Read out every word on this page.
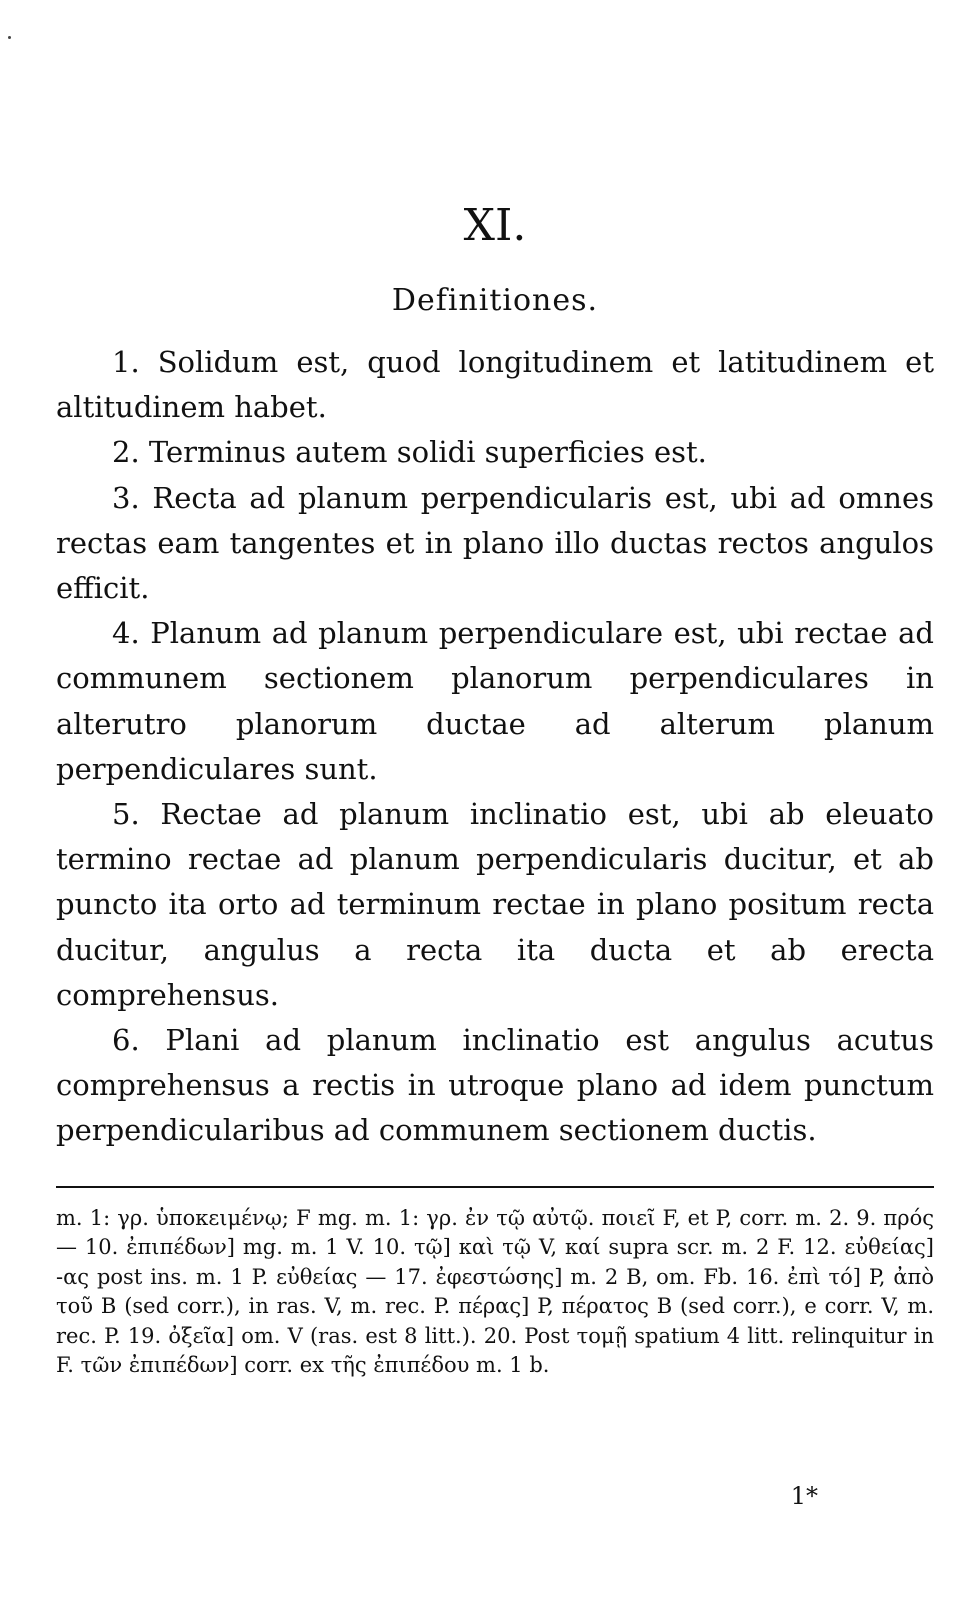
XI.
Definitiones.

1. Solidum est, quod longitudinem et latitudinem et altitudinem habet.

2. Terminus autem solidi superficies est.

3. Recta ad planum perpendicularis est, ubi ad omnes rectas eam tangentes et in plano illo ductas rectos angulos efficit.

4. Planum ad planum perpendiculare est, ubi rectae ad communem sectionem planorum perpendiculares in alterutro planorum ductae ad alterum planum perpendiculares sunt.

5. Rectae ad planum inclinatio est, ubi ab eleuato termino rectae ad planum perpendicularis ducitur, et ab puncto ita orto ad terminum rectae in plano positum recta ducitur, angulus a recta ita ducta et ab erecta comprehensus.

6. Plani ad planum inclinatio est angulus acutus comprehensus a rectis in utroque plano ad idem punctum perpendicularibus ad communem sectionem ductis.

m. 1: γρ. ὑποκειμένῳ; F mg. m. 1: γρ. ἐν τῷ αὐτῷ. ποιεῖ F, et P, corr. m. 2. 9. πρός — 10. ἐπιπέδων] mg. m. 1 V. 10. τῷ] καὶ τῷ V, καί supra scr. m. 2 F. 12. εὐθείας] -ας post ins. m. 1 P. εὐθείας — 17. ἐφεστώσης] m. 2 B, om. Fb. 16. ἐπὶ τό] P, ἀπὸ τοῦ B (sed corr.), in ras. V, m. rec. P. πέρας] P, πέρατος B (sed corr.), e corr. V, m. rec. P. 19. ὀξεῖα] om. V (ras. est 8 litt.). 20. Post τομῇ spatium 4 litt. relinquitur in F. τῶν ἐπιπέδων] corr. ex τῆς ἐπιπέδου m. 1 b.
1*
